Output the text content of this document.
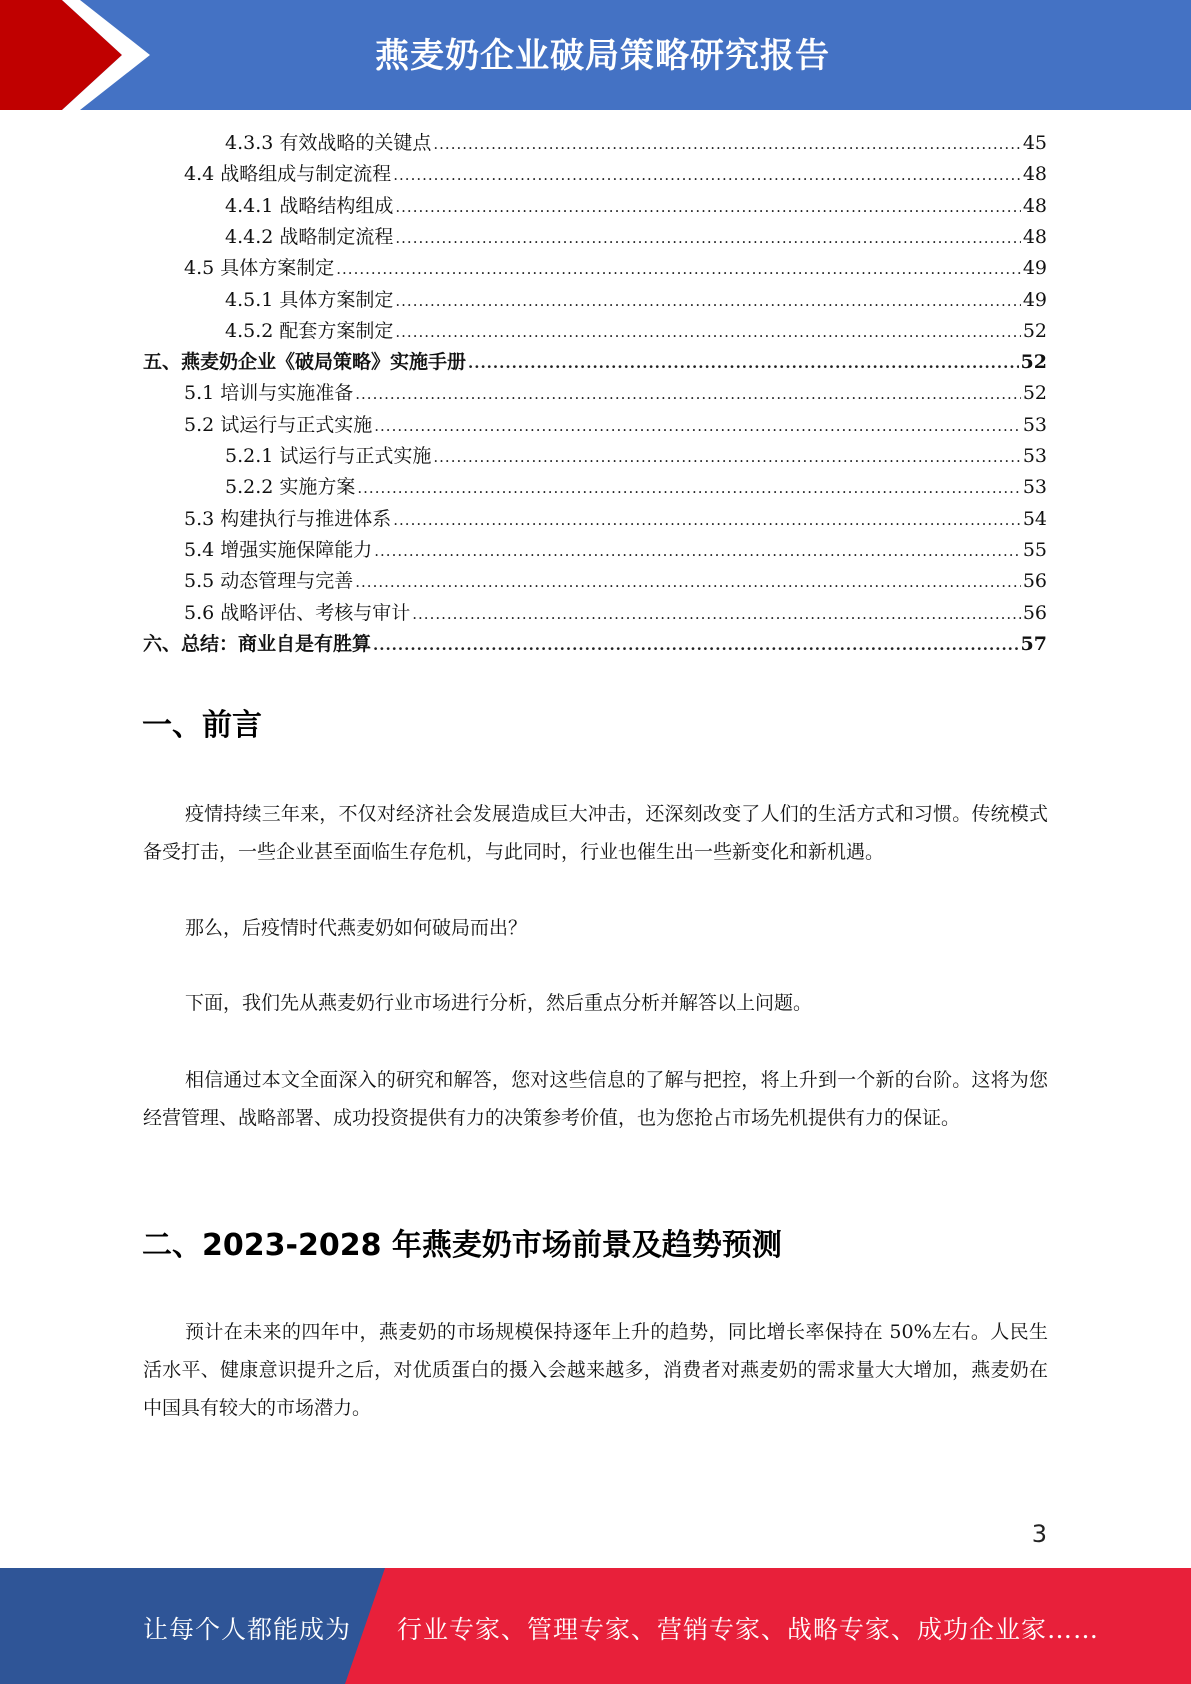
燕麦奶企业破局策略研究报告
4.3.3 有效战略的关键点 .....	45
4.4 战略组成与制定流程 .....	48
4.4.1 战略结构组成 .....	48
4.4.2 战略制定流程 .....	48
4.5 具体方案制定 .....	49
4.5.1 具体方案制定 .....	49
4.5.2 配套方案制定 .....	52
五、燕麦奶企业《破局策略》实施手册 .....	52
5.1 培训与实施准备 .....	52
5.2 试运行与正式实施 .....	53
5.2.1 试运行与正式实施 .....	53
5.2.2 实施方案 .....	53
5.3 构建执行与推进体系 .....	54
5.4 增强实施保障能力 .....	55
5.5 动态管理与完善 .....	56
5.6 战略评估、考核与审计 .....	56
六、总结：商业自是有胜算 .....	57
一、前言
疫情持续三年来，不仅对经济社会发展造成巨大冲击，还深刻改变了人们的生活方式和习惯。传统模式备受打击，一些企业甚至面临生存危机，与此同时，行业也催生出一些新变化和新机遇。
那么，后疫情时代燕麦奶如何破局而出？
下面，我们先从燕麦奶行业市场进行分析，然后重点分析并解答以上问题。
相信通过本文全面深入的研究和解答，您对这些信息的了解与把控，将上升到一个新的台阶。这将为您经营管理、战略部署、成功投资提供有力的决策参考价值，也为您抢占市场先机提供有力的保证。
二、2023-2028 年燕麦奶市场前景及趋势预测
预计在未来的四年中，燕麦奶的市场规模保持逐年上升的趋势，同比增长率保持在 50%左右。人民生活水平、健康意识提升之后，对优质蛋白的摄入会越来越多，消费者对燕麦奶的需求量大大增加，燕麦奶在中国具有较大的市场潜力。
3
让每个人都能成为 行业专家、管理专家、营销专家、战略专家、成功企业家……
